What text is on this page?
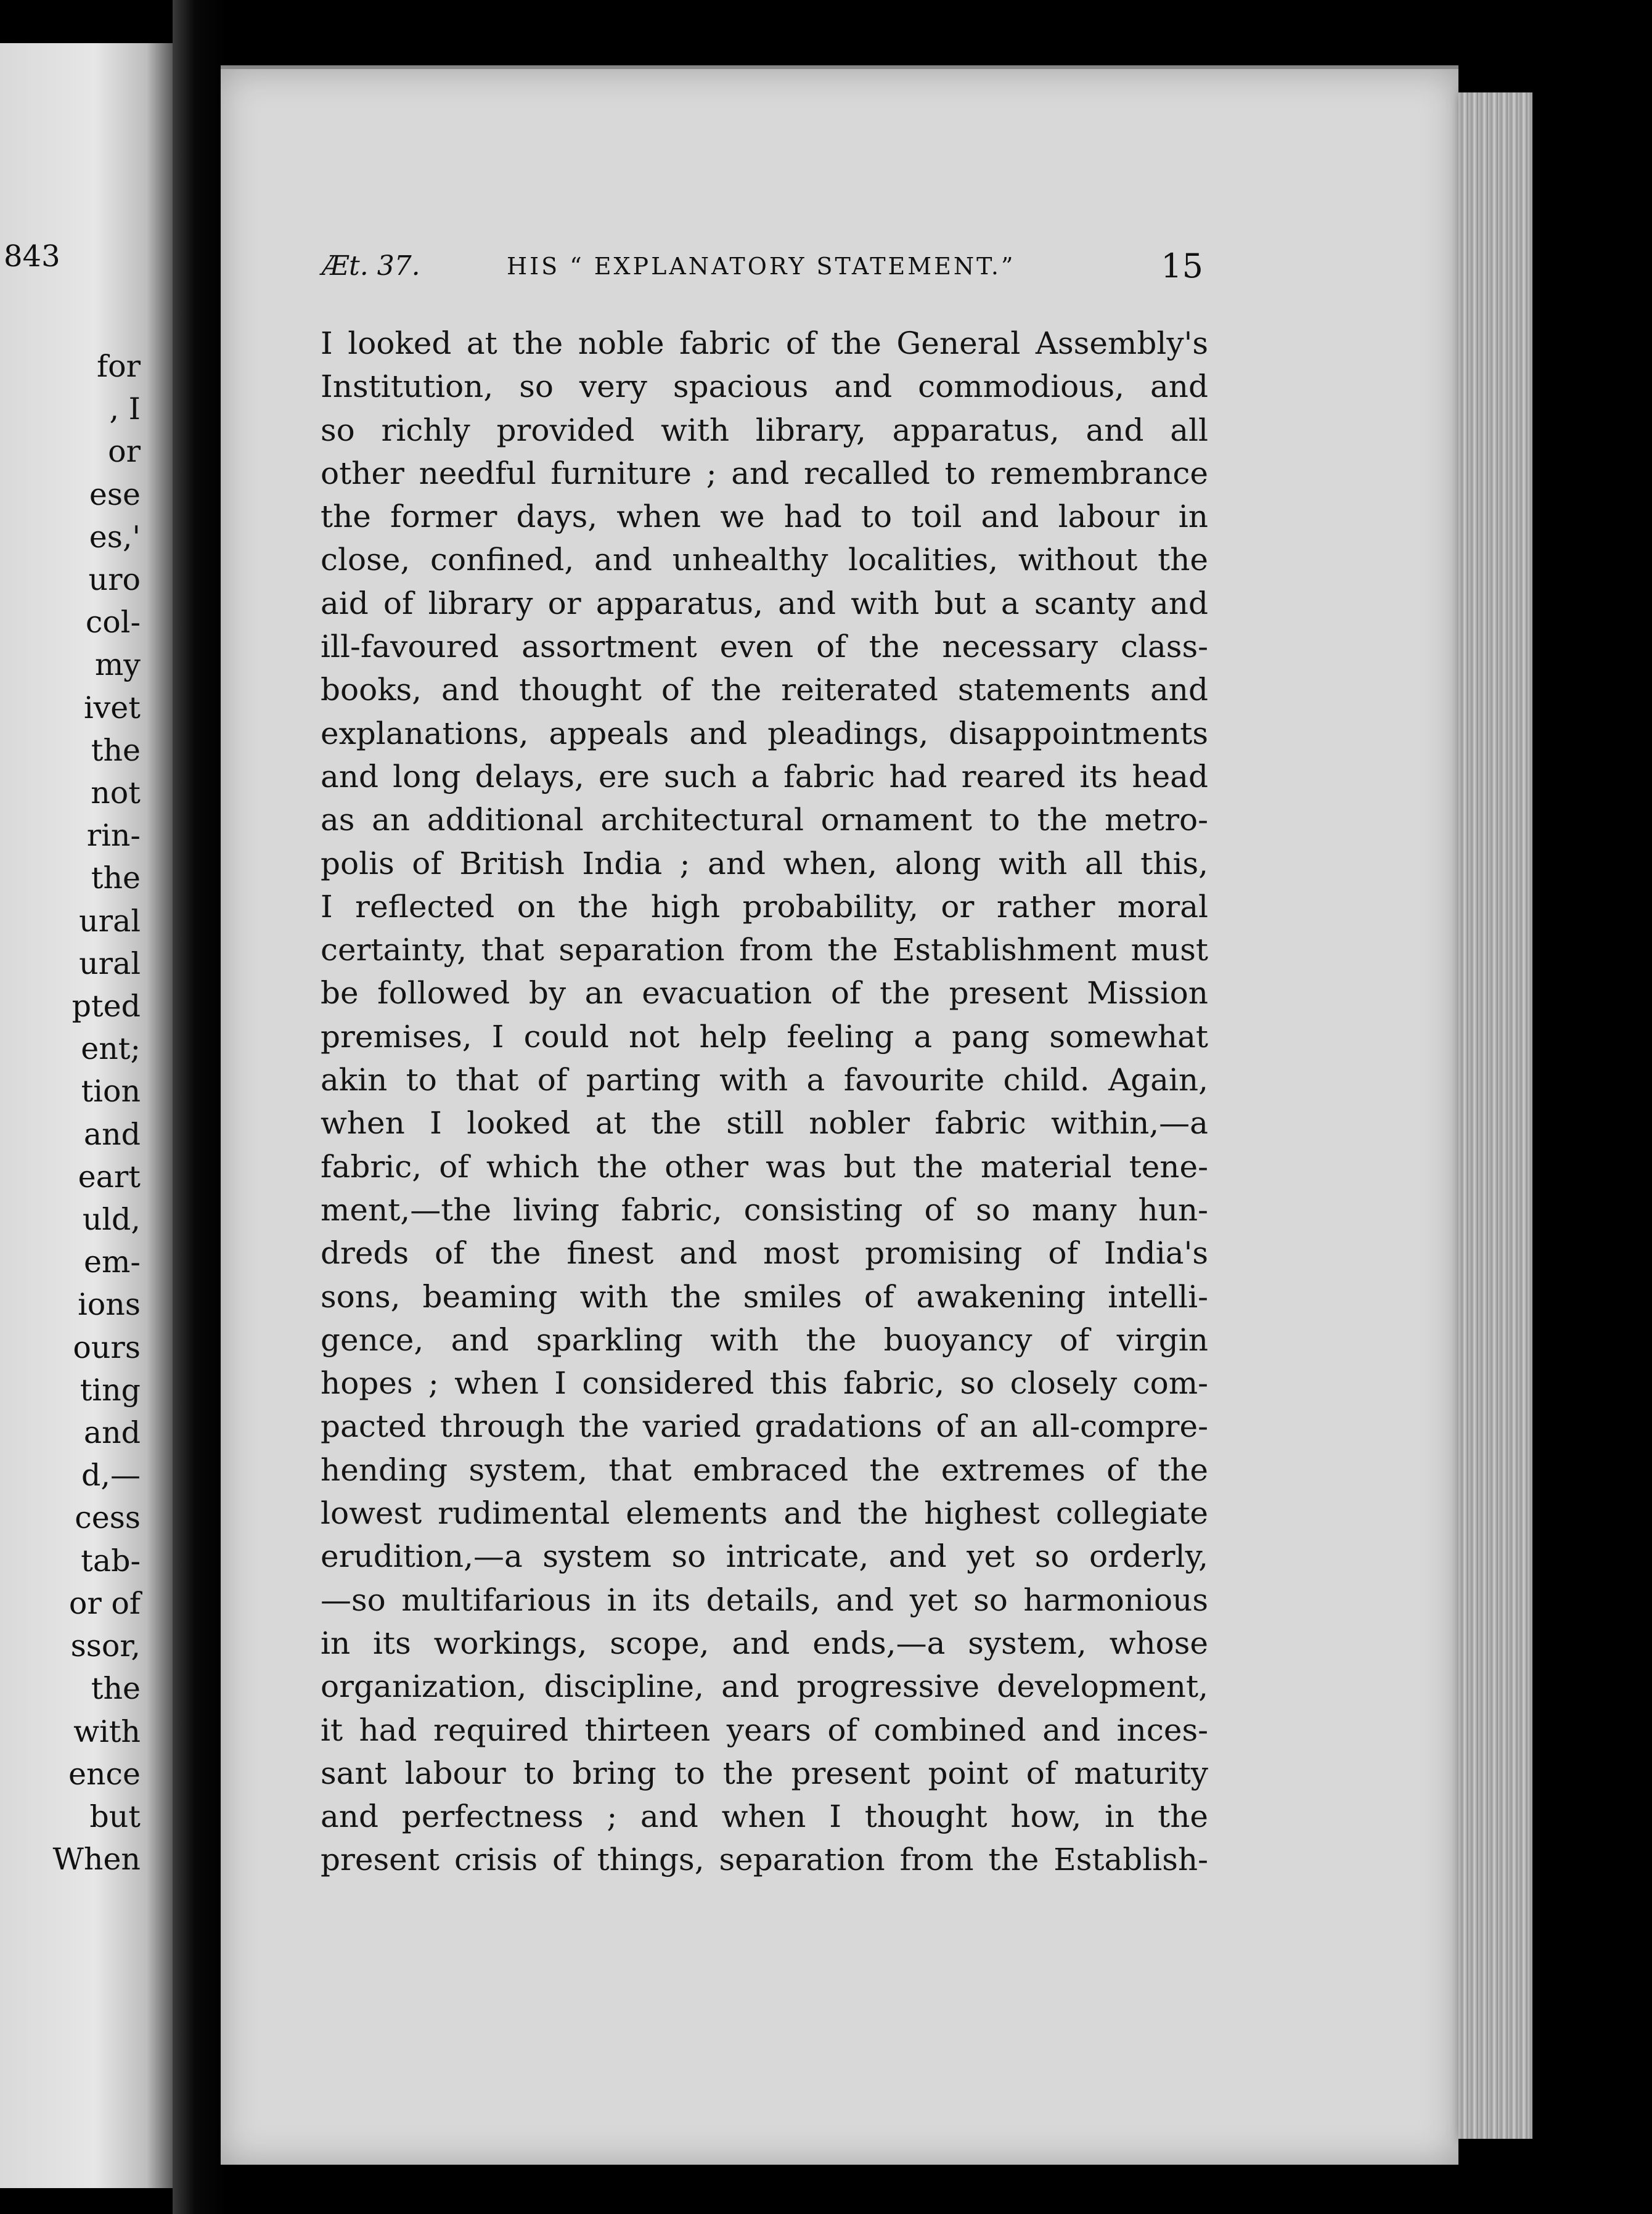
843
for
, I
or
ese
es,'
uro
col-
my
ivet
the
not
rin-
the
ural
ural
pted
ent;
tion
and
eart
uld,
em-
ions
ours
ting
and
d,—
cess
tab-
or of
ssor,
the
with
ence
but
When
Æt. 37.	HIS “ EXPLANATORY STATEMENT.”	15
I looked at the noble fabric of the General Assembly's
Institution, so very spacious and commodious, and
so richly provided with library, apparatus, and all
other needful furniture ; and recalled to remembrance
the former days, when we had to toil and labour in
close, confined, and unhealthy localities, without the
aid of library or apparatus, and with but a scanty and
ill-favoured assortment even of the necessary class-
books, and thought of the reiterated statements and
explanations, appeals and pleadings, disappointments
and long delays, ere such a fabric had reared its head
as an additional architectural ornament to the metro-
polis of British India ; and when, along with all this,
I reflected on the high probability, or rather moral
certainty, that separation from the Establishment must
be followed by an evacuation of the present Mission
premises, I could not help feeling a pang somewhat
akin to that of parting with a favourite child. Again,
when I looked at the still nobler fabric within,—a
fabric, of which the other was but the material tene-
ment,—the living fabric, consisting of so many hun-
dreds of the finest and most promising of India's
sons, beaming with the smiles of awakening intelli-
gence, and sparkling with the buoyancy of virgin
hopes ; when I considered this fabric, so closely com-
pacted through the varied gradations of an all-compre-
hending system, that embraced the extremes of the
lowest rudimental elements and the highest collegiate
erudition,—a system so intricate, and yet so orderly,
—so multifarious in its details, and yet so harmonious
in its workings, scope, and ends,—a system, whose
organization, discipline, and progressive development,
it had required thirteen years of combined and inces-
sant labour to bring to the present point of maturity
and perfectness ; and when I thought how, in the
present crisis of things, separation from the Establish-
